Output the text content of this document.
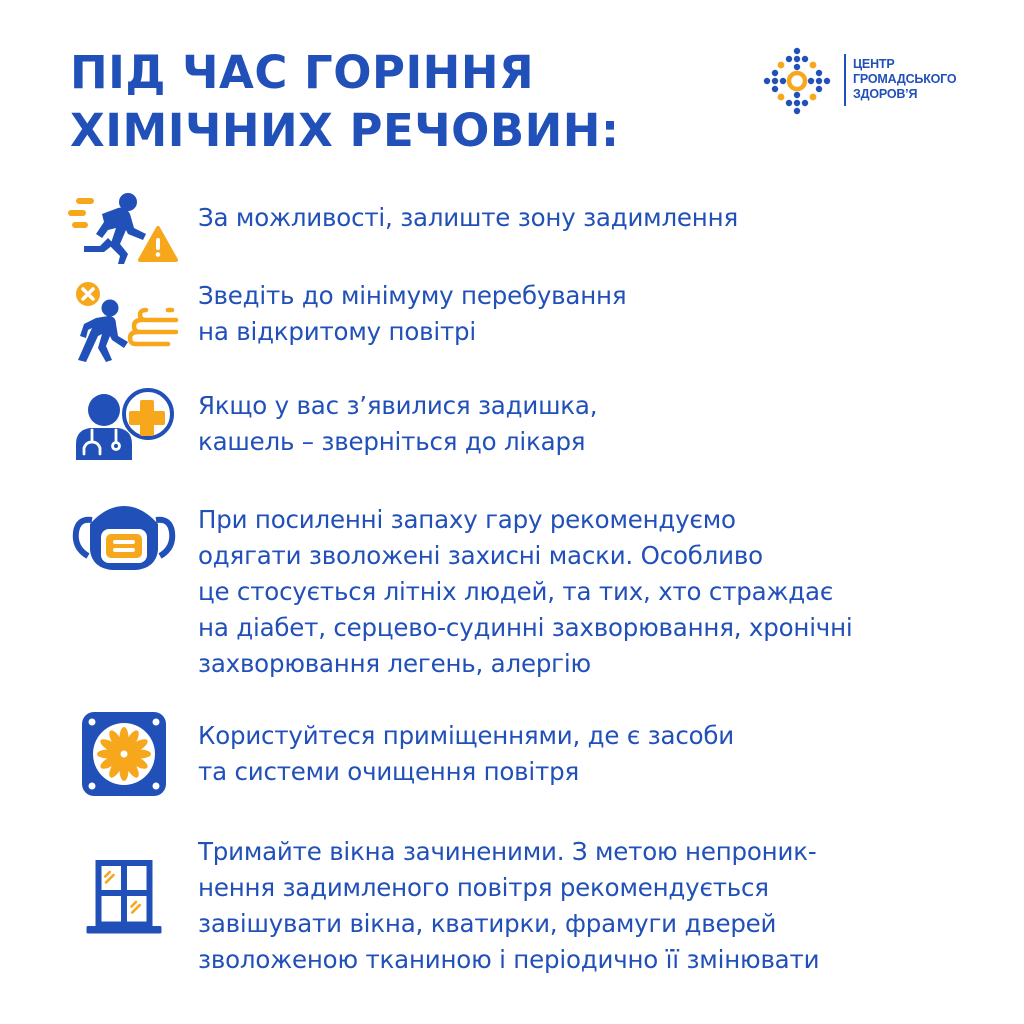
ПІД ЧАС ГОРІННЯ
ХІМІЧНИХ РЕЧОВИН:
ЦЕНТР
ГРОМАДСЬКОГО
ЗДОРОВ’Я
За можливості, залиште зону задимлення
Зведіть до мінімуму перебування
на відкритому повітрі
Якщо у вас з’явилися задишка,
кашель – зверніться до лікаря
При посиленні запаху гару рекомендуємо
одягати зволожені захисні маски. Особливо
це стосується літніх людей, та тих, хто страждає
на діабет, серцево-судинні захворювання, хронічні
захворювання легень, алергію
Користуйтеся приміщеннями, де є засоби
та системи очищення повітря
Тримайте вікна зачиненими. З метою непроник-
нення задимленого повітря рекомендується
завішувати вікна, кватирки, фрамуги дверей
зволоженою тканиною і періодично її змінювати
